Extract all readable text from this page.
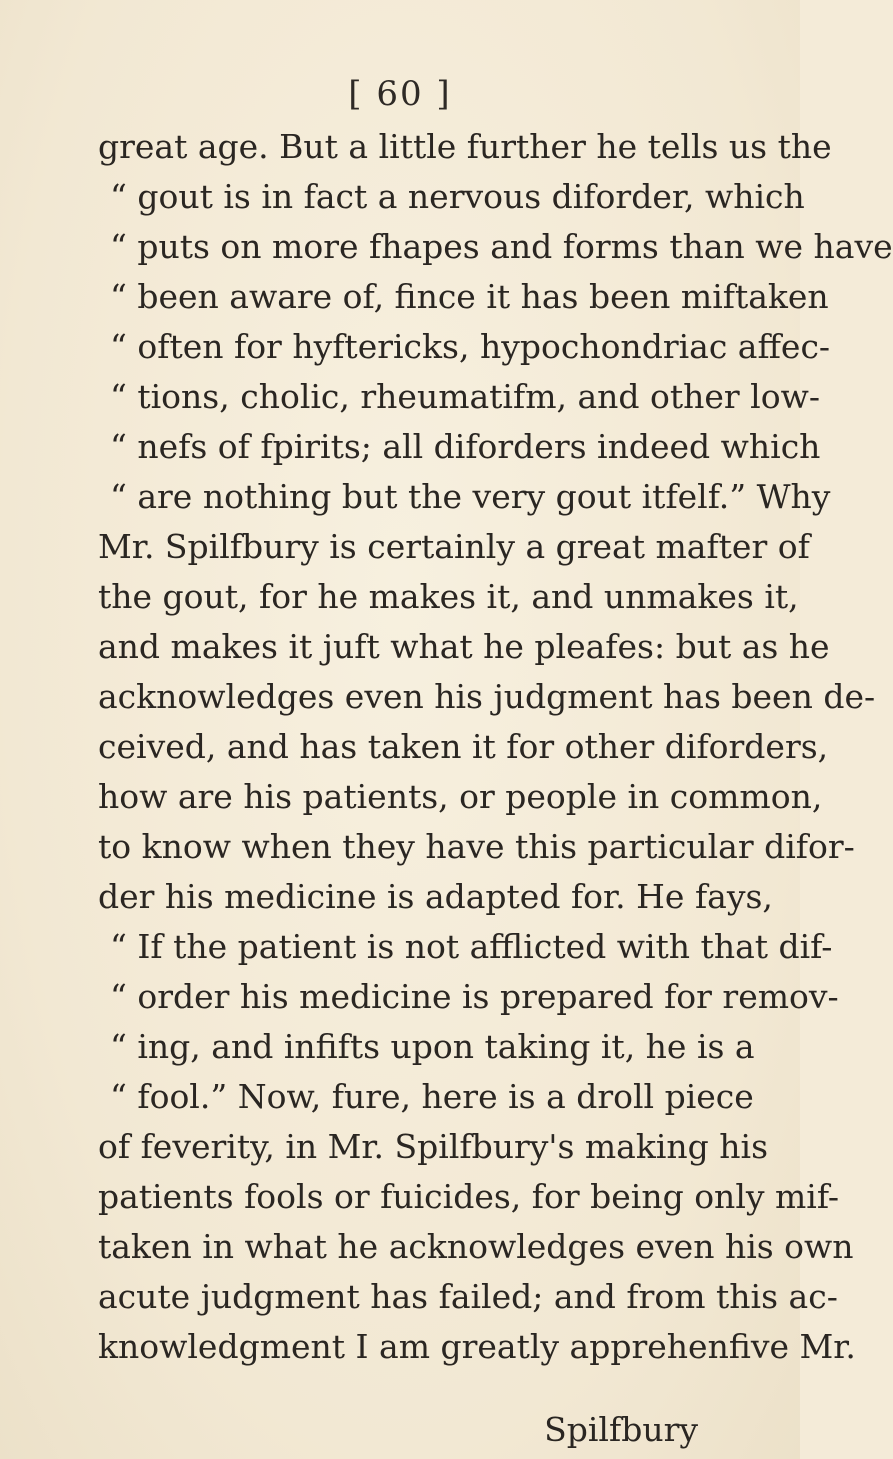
[ 60 ]
great age. But a little further he tells us the
“ gout is in fact a nervous diforder, which
“ puts on more fhapes and forms than we have
“ been aware of, fince it has been miftaken
“ often for hyftericks, hypochondriac affec-
“ tions, cholic, rheumatifm, and other low-
“ nefs of fpirits; all diforders indeed which
“ are nothing but the very gout itfelf.” Why
Mr. Spilfbury is certainly a great mafter of
the gout, for he makes it, and unmakes it,
and makes it juft what he pleafes: but as he
acknowledges even his judgment has been de-
ceived, and has taken it for other diforders,
how are his patients, or people in common,
to know when they have this particular difor-
der his medicine is adapted for. He fays,
“ If the patient is not afflicted with that dif-
“ order his medicine is prepared for remov-
“ ing, and infifts upon taking it, he is a
“ fool.” Now, fure, here is a droll piece
of feverity, in Mr. Spilfbury's making his
patients fools or fuicides, for being only mif-
taken in what he acknowledges even his own
acute judgment has failed; and from this ac-
knowledgment I am greatly apprehenfive Mr.
Spilfbury
